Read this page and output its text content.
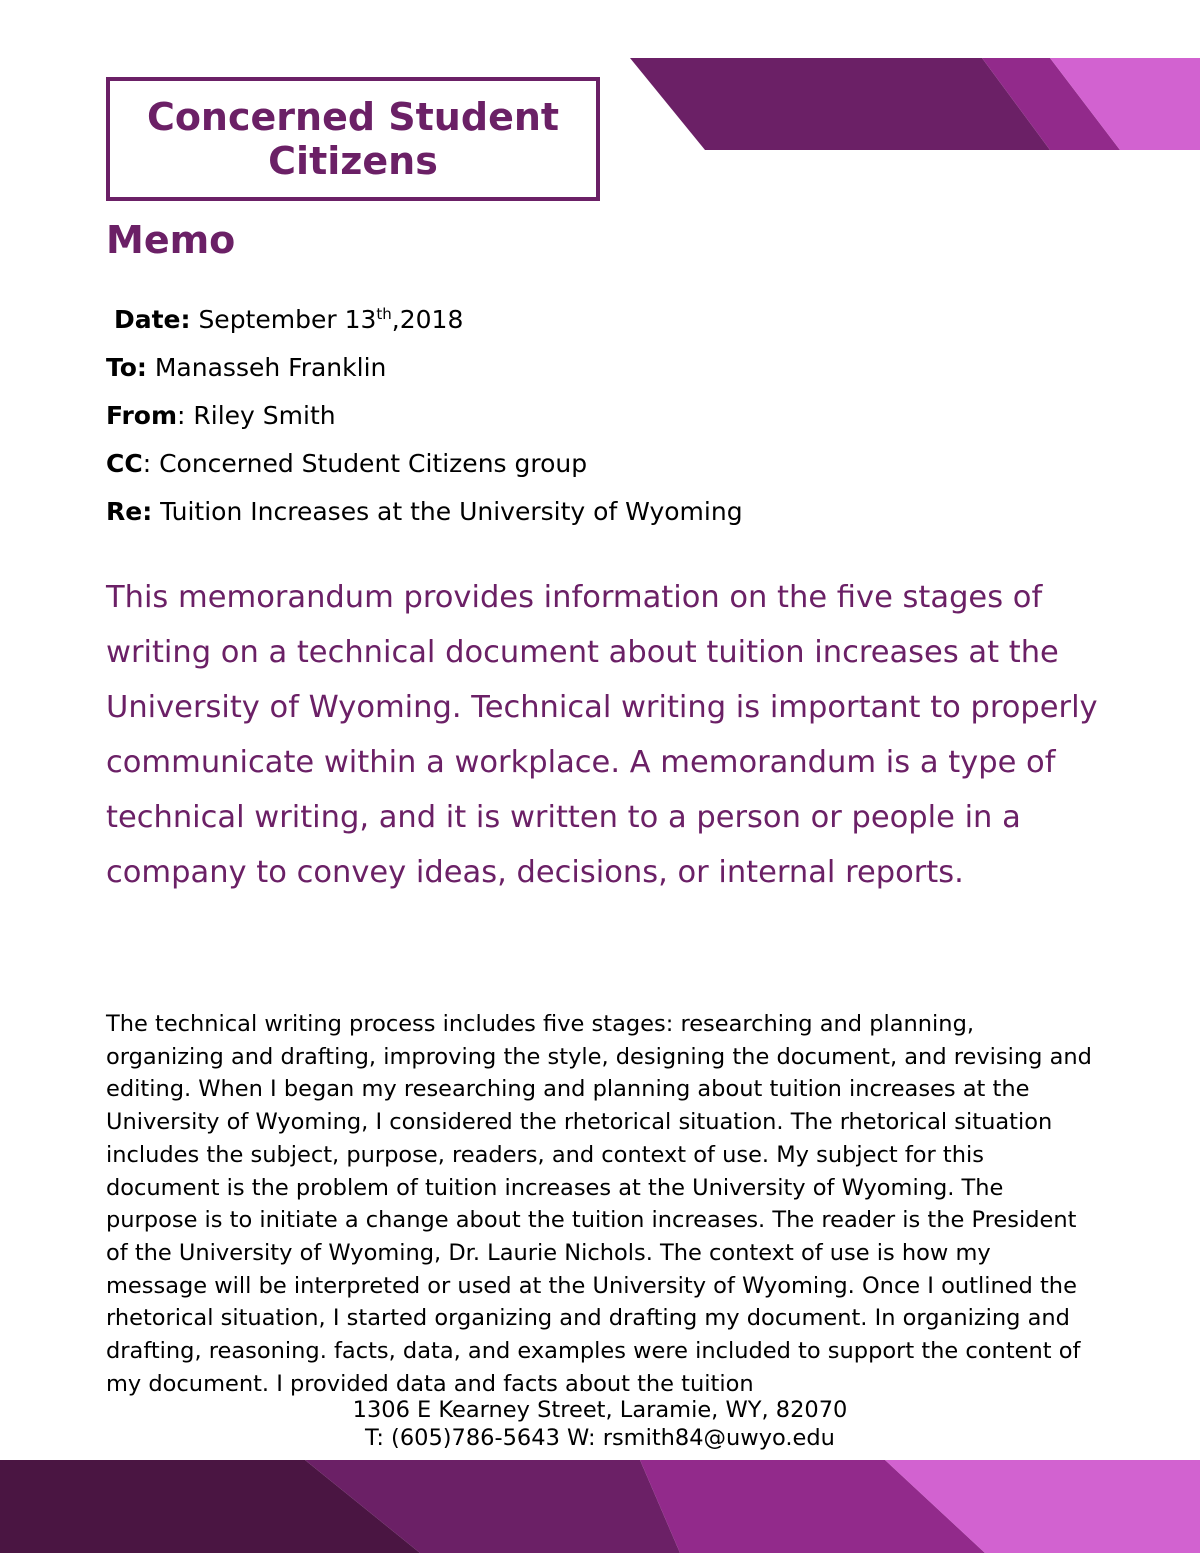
Concerned Student
Citizens
Memo
Date: September 13th,2018
To: Manasseh Franklin
From: Riley Smith
CC: Concerned Student Citizens group
Re: Tuition Increases at the University of Wyoming

This memorandum provides information on the five stages of writing on a technical document about tuition increases at the University of Wyoming. Technical writing is important to properly communicate within a workplace. A memorandum is a type of technical writing, and it is written to a person or people in a company to convey ideas, decisions, or internal reports.

The technical writing process includes five stages: researching and planning, organizing and drafting, improving the style, designing the document, and revising and editing. When I began my researching and planning about tuition increases at the University of Wyoming, I considered the rhetorical situation. The rhetorical situation includes the subject, purpose, readers, and context of use. My subject for this document is the problem of tuition increases at the University of Wyoming. The purpose is to initiate a change about the tuition increases. The reader is the President of the University of Wyoming, Dr. Laurie Nichols. The context of use is how my message will be interpreted or used at the University of Wyoming. Once I outlined the rhetorical situation, I started organizing and drafting my document. In organizing and drafting, reasoning. facts, data, and examples were included to support the content of my document. I provided data and facts about the tuition

1306 E Kearney Street, Laramie, WY, 82070
T: (605)786-5643 W: rsmith84@uwyo.edu
